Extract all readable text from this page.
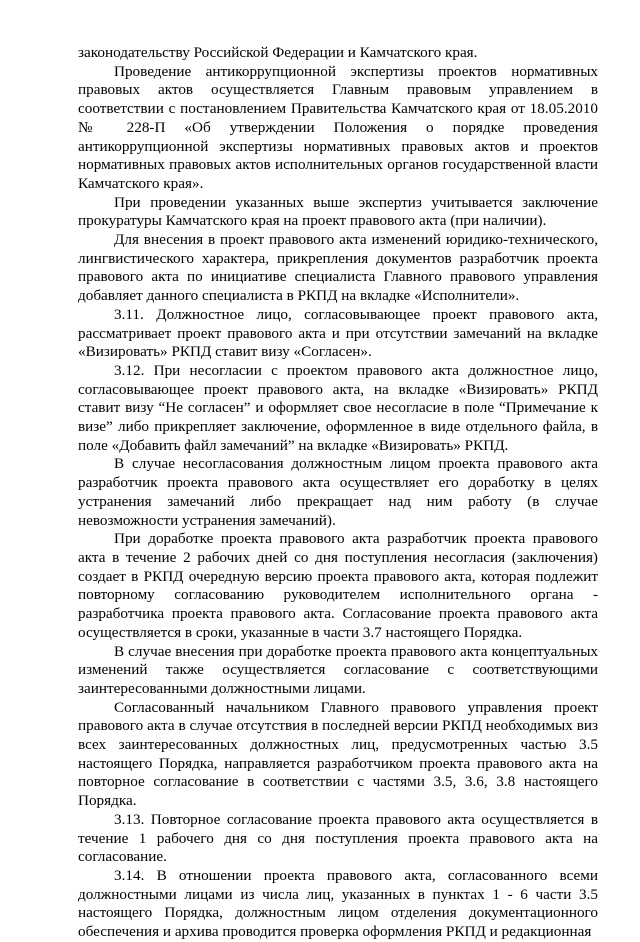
законодательству Российской Федерации и Камчатского края.

Проведение антикоррупционной экспертизы проектов нормативных правовых актов осуществляется Главным правовым управлением в соответствии с постановлением Правительства Камчатского края от 18.05.2010 № 228-П «Об утверждении Положения о порядке проведения антикоррупционной экспертизы нормативных правовых актов и проектов нормативных правовых актов исполнительных органов государственной власти Камчатского края».

При проведении указанных выше экспертиз учитывается заключение прокуратуры Камчатского края на проект правового акта (при наличии).

Для внесения в проект правового акта изменений юридико-технического, лингвистического характера, прикрепления документов разработчик проекта правового акта по инициативе специалиста Главного правового управления добавляет данного специалиста в РКПД на вкладке «Исполнители».

3.11. Должностное лицо, согласовывающее проект правового акта, рассматривает проект правового акта и при отсутствии замечаний на вкладке «Визировать» РКПД ставит визу «Согласен».

3.12. При несогласии с проектом правового акта должностное лицо, согласовывающее проект правового акта, на вкладке «Визировать» РКПД ставит визу “Не согласен” и оформляет свое несогласие в поле “Примечание к визе” либо прикрепляет заключение, оформленное в виде отдельного файла, в поле «Добавить файл замечаний” на вкладке «Визировать» РКПД.

В случае несогласования должностным лицом проекта правового акта разработчик проекта правового акта осуществляет его доработку в целях устранения замечаний либо прекращает над ним работу (в случае невозможности устранения замечаний).

При доработке проекта правового акта разработчик проекта правового акта в течение 2 рабочих дней со дня поступления несогласия (заключения) создает в РКПД очередную версию проекта правового акта, которая подлежит повторному согласованию руководителем исполнительного органа - разработчика проекта правового акта. Согласование проекта правового акта осуществляется в сроки, указанные в части 3.7 настоящего Порядка.

В случае внесения при доработке проекта правового акта концептуальных изменений также осуществляется согласование с соответствующими заинтересованными должностными лицами.

Согласованный начальником Главного правового управления проект правового акта в случае отсутствия в последней версии РКПД необходимых виз всех заинтересованных должностных лиц, предусмотренных частью 3.5 настоящего Порядка, направляется разработчиком проекта правового акта на повторное согласование в соответствии с частями 3.5, 3.6, 3.8 настоящего Порядка.

3.13. Повторное согласование проекта правового акта осуществляется в течение 1 рабочего дня со дня поступления проекта правового акта на согласование.

3.14. В отношении проекта правового акта, согласованного всеми должностными лицами из числа лиц, указанных в пунктах 1 - 6 части 3.5 настоящего Порядка, должностным лицом отделения документационного обеспечения и архива проводится проверка оформления РКПД и редакционная
